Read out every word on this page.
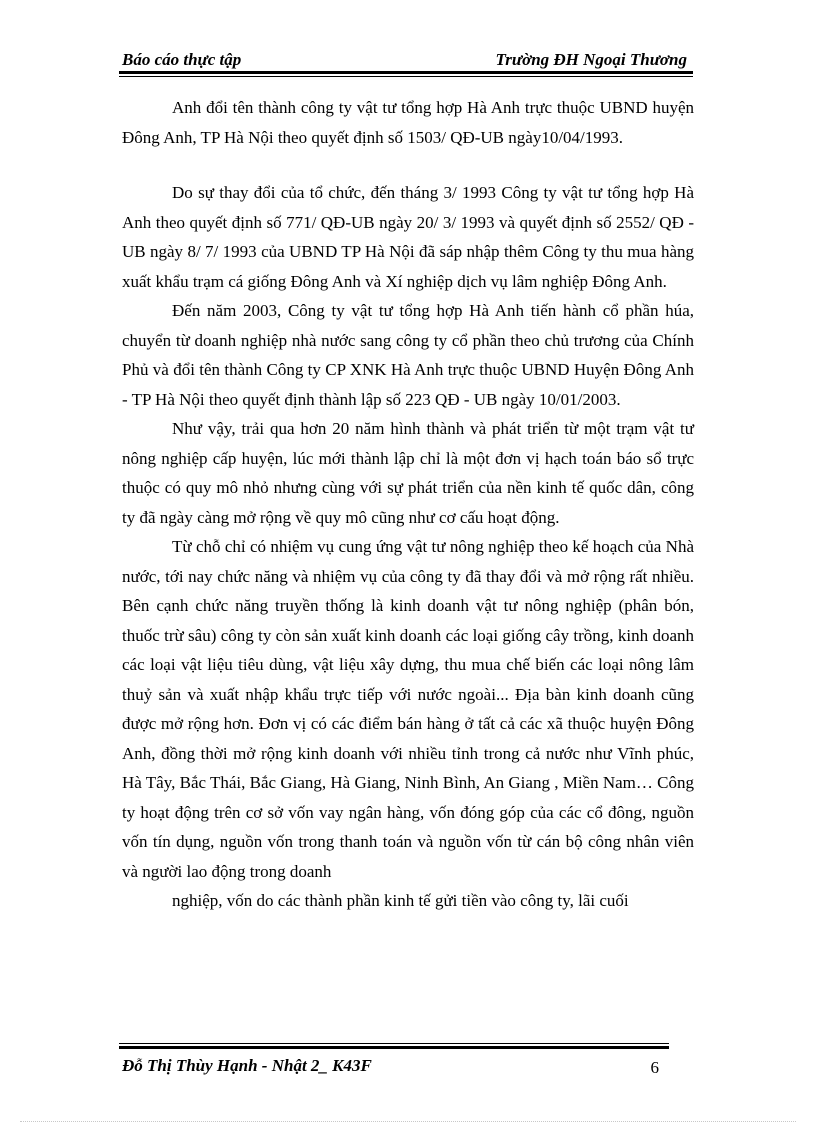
Báo cáo thực tập	Trường ĐH Ngoại Thương

Anh đổi tên thành công ty vật tư tổng hợp Hà Anh trực thuộc UBND huyện Đông Anh, TP Hà Nội theo quyết định số 1503/ QĐ-UB ngày10/04/1993.

Do sự thay đổi của tổ chức, đến tháng 3/ 1993 Công ty vật tư tổng hợp Hà Anh theo quyết định số 771/ QĐ-UB ngày 20/ 3/ 1993 và quyết định số 2552/ QĐ - UB ngày 8/ 7/ 1993 của UBND TP Hà Nội đã sáp nhập thêm Công ty thu mua hàng xuất khẩu trạm cá giống Đông Anh và Xí nghiệp dịch vụ lâm nghiệp Đông Anh.

Đến năm 2003, Công ty vật tư tổng hợp Hà Anh tiến hành cổ phần húa, chuyển từ doanh nghiệp nhà nước sang công ty cổ phần theo chủ trương của Chính Phủ và đổi tên thành Công ty CP XNK Hà Anh trực thuộc UBND Huyện Đông Anh - TP Hà Nội theo quyết định thành lập số 223 QĐ - UB ngày 10/01/2003.

Như vậy, trải qua hơn 20 năm hình thành và phát triển từ một trạm vật tư nông nghiệp cấp huyện, lúc mới thành lập chỉ là một đơn vị hạch toán báo sổ trực thuộc có quy mô nhỏ nhưng cùng với sự phát triển của nền kinh tế quốc dân, công ty đã ngày càng mở rộng về quy mô cũng như cơ cấu hoạt động.

Từ chỗ chỉ có nhiệm vụ cung ứng vật tư nông nghiệp theo kế hoạch của Nhà nước, tới nay chức năng và nhiệm vụ của công ty đã thay đổi và mở rộng rất nhiều. Bên cạnh chức năng truyền thống là kinh doanh vật tư nông nghiệp (phân bón, thuốc trừ sâu) công ty còn sản xuất kinh doanh các loại giống cây trồng, kinh doanh các loại vật liệu tiêu dùng, vật liệu xây dựng, thu mua chế biến các loại nông lâm thuỷ sản và xuất nhập khẩu trực tiếp với nước ngoài... Địa bàn kinh doanh cũng được mở rộng hơn. Đơn vị có các điểm bán hàng ở tất cả các xã thuộc huyện Đông Anh, đồng thời mở rộng kinh doanh với nhiều tỉnh trong cả nước như Vĩnh phúc, Hà Tây, Bắc Thái, Bắc Giang, Hà Giang, Ninh Bình, An Giang , Miền Nam… Công ty hoạt động trên cơ sở vốn vay ngân hàng, vốn đóng góp của các cổ đông, nguồn vốn tín dụng, nguồn vốn trong thanh toán và nguồn vốn từ cán bộ công nhân viên và người lao động trong doanh

nghiệp, vốn do các thành phần kinh tế gửi tiền vào công ty, lãi cuối

Đỗ Thị Thùy Hạnh - Nhật 2_ K43F	6
